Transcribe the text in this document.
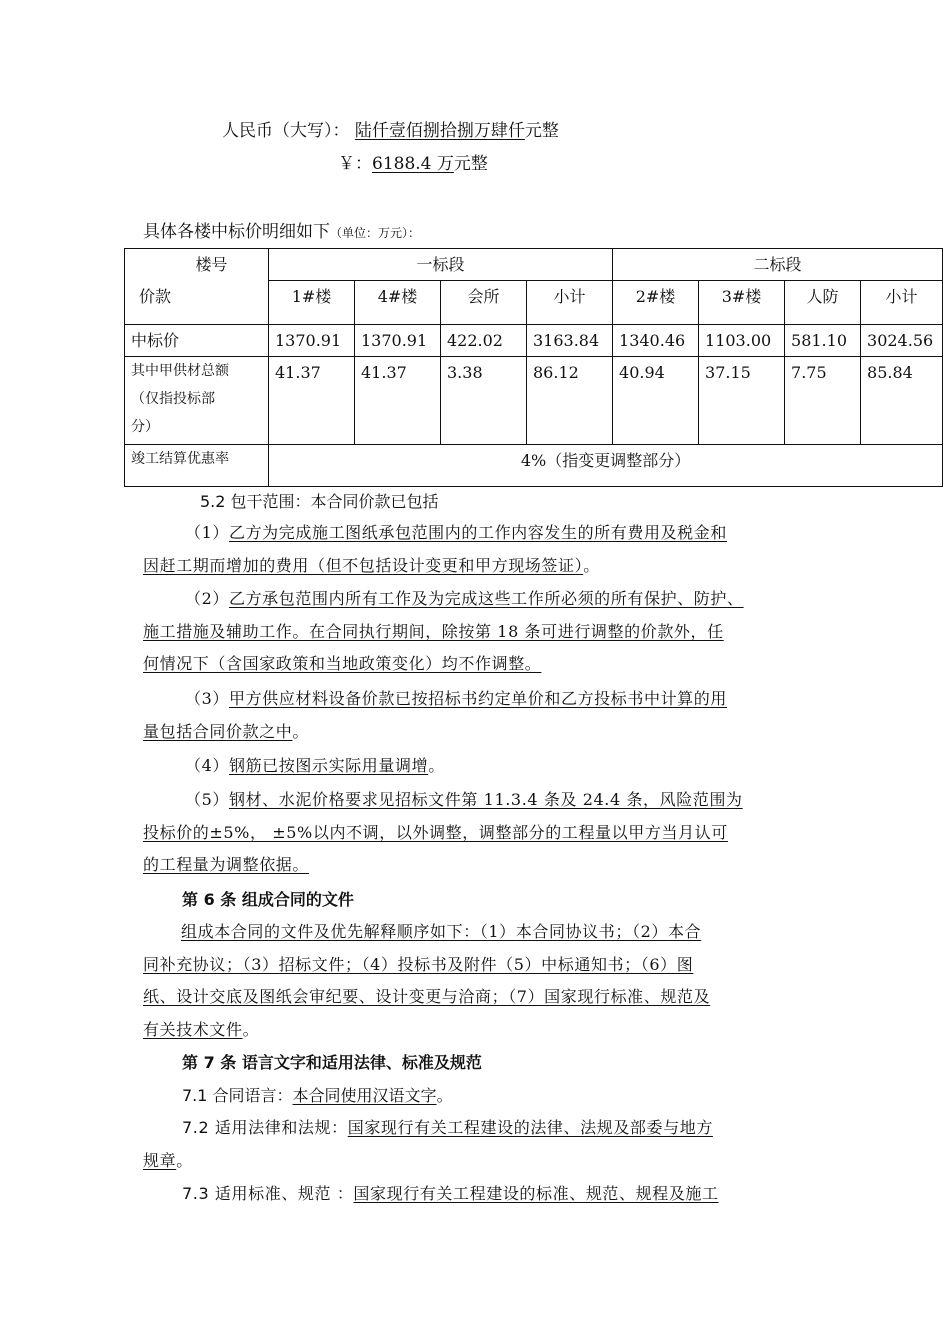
人民币（大写）： 陆仟壹佰捌拾捌万肆仟元整
￥：6188.4 万元整
具体各楼中标价明细如下（单位：万元）：
楼号
价款	一标段				二标段			
	1#楼	4#楼	会所	小计	2#楼	3#楼	人防	小计
中标价	1370.91	1370.91	422.02	3163.84	1340.46	1103.00	581.10	3024.56

其中甲供材总额
（仅指投标部
分）	41.37	41.37	3.38	86.12	40.94	37.15	7.75	85.84
竣工结算优惠率	4%（指变更调整部分）							
5.2 包干范围：本合同价款已包括
（1）乙方为完成施工图纸承包范围内的工作内容发生的所有费用及税金和
因赶工期而增加的费用（但不包括设计变更和甲方现场签证）。
（2）乙方承包范围内所有工作及为完成这些工作所必须的所有保护、防护、
施工措施及辅助工作。在合同执行期间，除按第 18 条可进行调整的价款外，任
何情况下（含国家政策和当地政策变化）均不作调整。
（3）甲方供应材料设备价款已按招标书约定单价和乙方投标书中计算的用
量包括合同价款之中。
（4）钢筋已按图示实际用量调增。
（5）钢材、水泥价格要求见招标文件第 11.3.4 条及 24.4 条，风险范围为
投标价的±5%， ±5%以内不调，以外调整，调整部分的工程量以甲方当月认可
的工程量为调整依据。
第 6 条 组成合同的文件
组成本合同的文件及优先解释顺序如下：（1）本合同协议书；（2）本合
同补充协议；（3）招标文件；（4）投标书及附件（5）中标通知书；（6）图
纸、设计交底及图纸会审纪要、设计变更与洽商；（7）国家现行标准、规范及
有关技术文件。
第 7 条 语言文字和适用法律、标准及规范
7.1 合同语言：本合同使用汉语文字。
7.2 适用法律和法规：国家现行有关工程建设的法律、法规及部委与地方
规章。
7.3 适用标准、规范 ：国家现行有关工程建设的标准、规范、规程及施工
